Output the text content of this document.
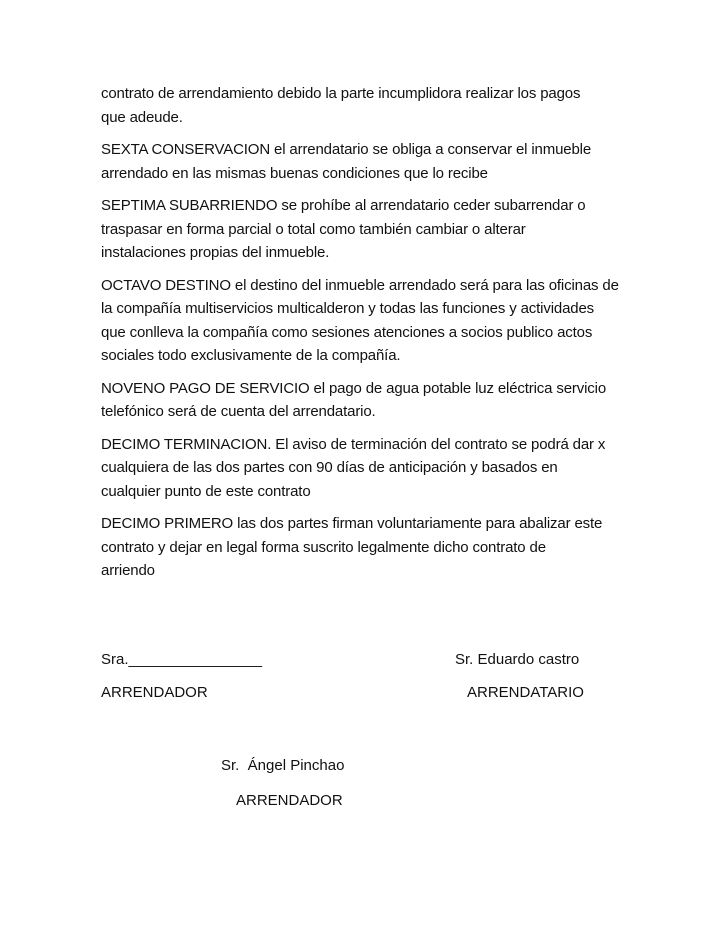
contrato de arrendamiento debido la parte incumplidora realizar los pagos
que adeude.

SEXTA CONSERVACION el arrendatario se obliga a conservar el inmueble
arrendado en las mismas buenas condiciones que lo recibe

SEPTIMA SUBARRIENDO se prohíbe al arrendatario ceder subarrendar o
traspasar en forma parcial o total como también cambiar o alterar
instalaciones propias del inmueble.

OCTAVO DESTINO el destino del inmueble arrendado será para las oficinas de
la compañía multiservicios multicalderon y todas las funciones y actividades
que conlleva la compañía como sesiones atenciones a socios publico actos
sociales todo exclusivamente de la compañía.

NOVENO PAGO DE SERVICIO el pago de agua potable luz eléctrica servicio
telefónico será de cuenta del arrendatario.

DECIMO TERMINACION. El aviso de terminación del contrato se podrá dar x
cualquiera de las dos partes con 90 días de anticipación y basados en
cualquier punto de este contrato

DECIMO PRIMERO las dos partes firman voluntariamente para abalizar este
contrato y dejar en legal forma suscrito legalmente dicho contrato de
arriendo

Sra.________________
ARRENDADOR
Sr. Eduardo castro
ARRENDATARIO
Sr.  Ángel Pinchao
ARRENDADOR
